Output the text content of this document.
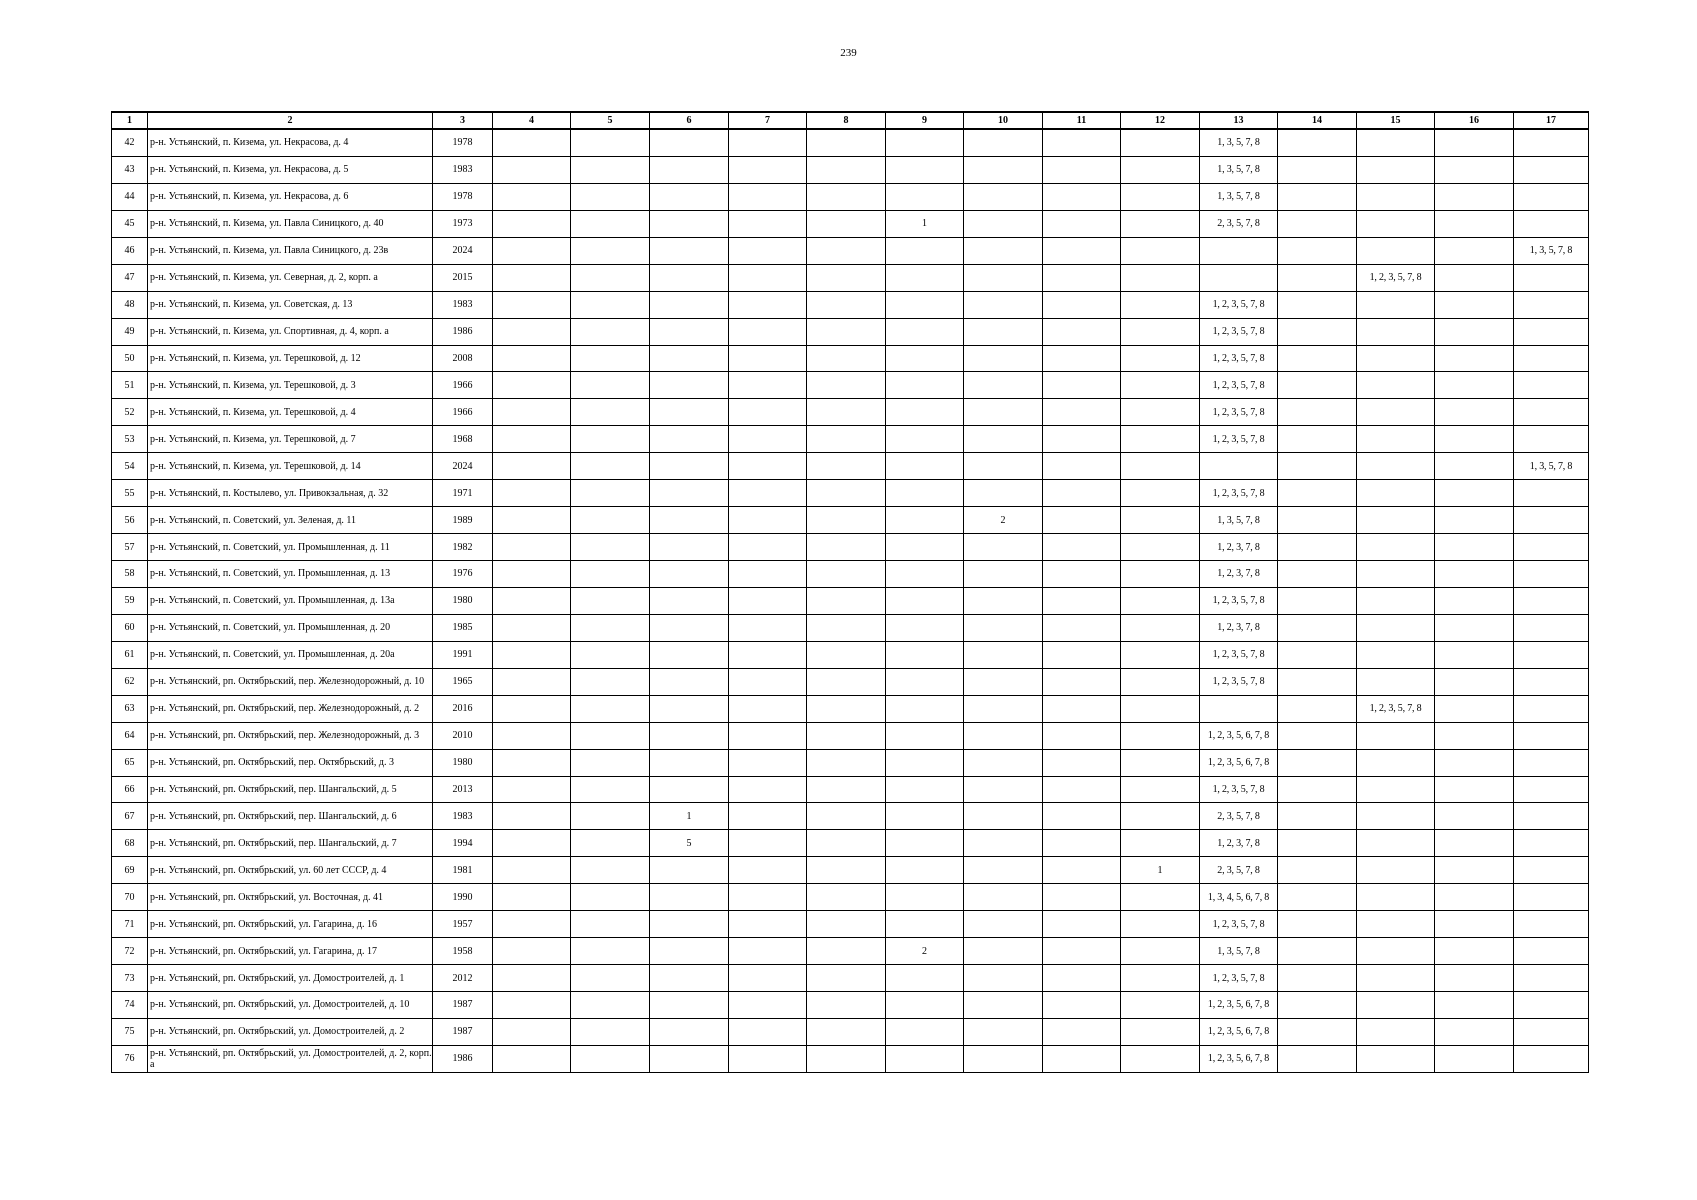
239
1	2	3	4	5	6	7	8	9	10	11	12	13	14	15	16	17
42	р-н. Устьянский, п. Кизема, ул. Некрасова, д. 4	1978										1, 3, 5, 7, 8				
43	р-н. Устьянский, п. Кизема, ул. Некрасова, д. 5	1983										1, 3, 5, 7, 8				
44	р-н. Устьянский, п. Кизема, ул. Некрасова, д. 6	1978										1, 3, 5, 7, 8				
45	р-н. Устьянский, п. Кизема, ул. Павла Синицкого, д. 40	1973						1				2, 3, 5, 7, 8				
46	р-н. Устьянский, п. Кизема, ул. Павла Синицкого, д. 23в	2024														1, 3, 5, 7, 8
47	р-н. Устьянский, п. Кизема, ул. Северная, д. 2, корп. а	2015												1, 2, 3, 5, 7, 8		
48	р-н. Устьянский, п. Кизема, ул. Советская, д. 13	1983										1, 2, 3, 5, 7, 8				
49	р-н. Устьянский, п. Кизема, ул. Спортивная, д. 4, корп. а	1986										1, 2, 3, 5, 7, 8				
50	р-н. Устьянский, п. Кизема, ул. Терешковой, д. 12	2008										1, 2, 3, 5, 7, 8				
51	р-н. Устьянский, п. Кизема, ул. Терешковой, д. 3	1966										1, 2, 3, 5, 7, 8				
52	р-н. Устьянский, п. Кизема, ул. Терешковой, д. 4	1966										1, 2, 3, 5, 7, 8				
53	р-н. Устьянский, п. Кизема, ул. Терешковой, д. 7	1968										1, 2, 3, 5, 7, 8				
54	р-н. Устьянский, п. Кизема, ул. Терешковой, д. 14	2024														1, 3, 5, 7, 8
55	р-н. Устьянский, п. Костылево, ул. Привокзальная, д. 32	1971										1, 2, 3, 5, 7, 8				
56	р-н. Устьянский, п. Советский, ул. Зеленая, д. 11	1989							2			1, 3, 5, 7, 8				
57	р-н. Устьянский, п. Советский, ул. Промышленная, д. 11	1982										1, 2, 3, 7, 8				
58	р-н. Устьянский, п. Советский, ул. Промышленная, д. 13	1976										1, 2, 3, 7, 8				
59	р-н. Устьянский, п. Советский, ул. Промышленная, д. 13а	1980										1, 2, 3, 5, 7, 8				
60	р-н. Устьянский, п. Советский, ул. Промышленная, д. 20	1985										1, 2, 3, 7, 8				
61	р-н. Устьянский, п. Советский, ул. Промышленная, д. 20а	1991										1, 2, 3, 5, 7, 8				
62	р-н. Устьянский, рп. Октябрьский, пер. Железнодорожный, д. 10	1965										1, 2, 3, 5, 7, 8				
63	р-н. Устьянский, рп. Октябрьский, пер. Железнодорожный, д. 2	2016												1, 2, 3, 5, 7, 8		
64	р-н. Устьянский, рп. Октябрьский, пер. Железнодорожный, д. 3	2010										1, 2, 3, 5, 6, 7, 8				
65	р-н. Устьянский, рп. Октябрьский, пер. Октябрьский, д. 3	1980										1, 2, 3, 5, 6, 7, 8				
66	р-н. Устьянский, рп. Октябрьский, пер. Шангальский, д. 5	2013										1, 2, 3, 5, 7, 8				
67	р-н. Устьянский, рп. Октябрьский, пер. Шангальский, д. 6	1983			1							2, 3, 5, 7, 8				
68	р-н. Устьянский, рп. Октябрьский, пер. Шангальский, д. 7	1994			5							1, 2, 3, 7, 8				
69	р-н. Устьянский, рп. Октябрьский, ул. 60 лет СССР, д. 4	1981									1	2, 3, 5, 7, 8				
70	р-н. Устьянский, рп. Октябрьский, ул. Восточная, д. 41	1990										1, 3, 4, 5, 6, 7, 8				
71	р-н. Устьянский, рп. Октябрьский, ул. Гагарина, д. 16	1957										1, 2, 3, 5, 7, 8				
72	р-н. Устьянский, рп. Октябрьский, ул. Гагарина, д. 17	1958						2				1, 3, 5, 7, 8				
73	р-н. Устьянский, рп. Октябрьский, ул. Домостроителей, д. 1	2012										1, 2, 3, 5, 7, 8				
74	р-н. Устьянский, рп. Октябрьский, ул. Домостроителей, д. 10	1987										1, 2, 3, 5, 6, 7, 8				
75	р-н. Устьянский, рп. Октябрьский, ул. Домостроителей, д. 2	1987										1, 2, 3, 5, 6, 7, 8				
76	р-н. Устьянский, рп. Октябрьский, ул. Домостроителей, д. 2, корп. а	1986										1, 2, 3, 5, 6, 7, 8				
